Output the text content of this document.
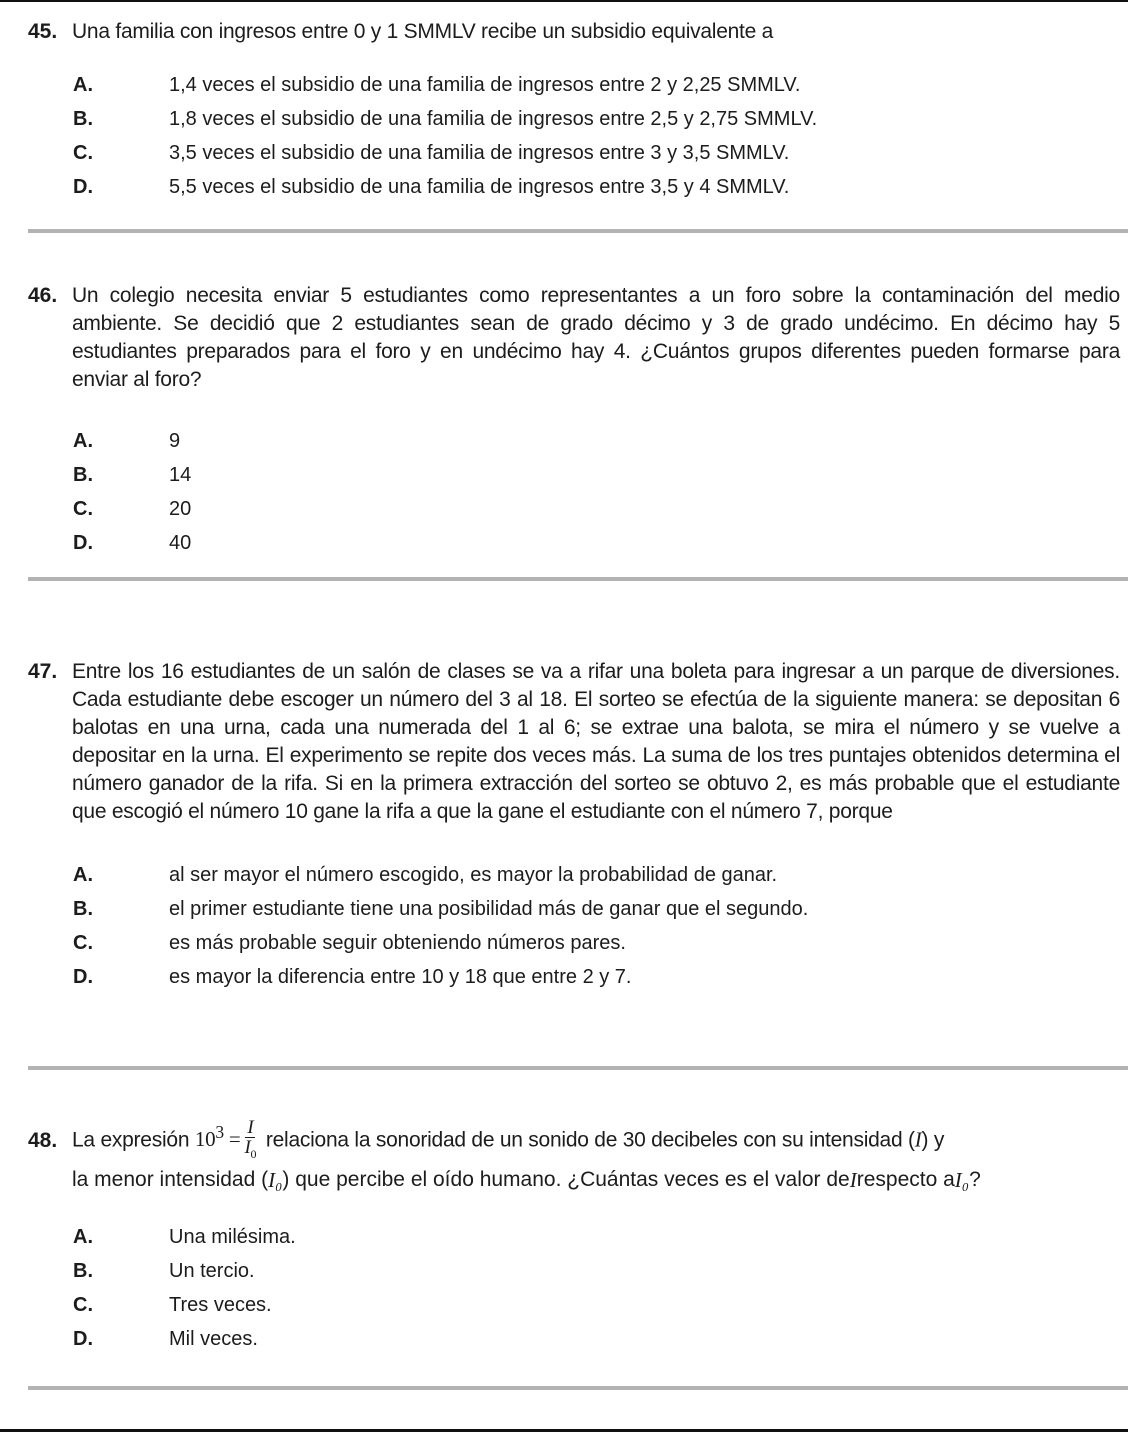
45. Una familia con ingresos entre 0 y 1 SMMLV recibe un subsidio equivalente a
A.	1,4 veces el subsidio de una familia de ingresos entre 2 y 2,25 SMMLV.
B.	1,8 veces el subsidio de una familia de ingresos entre 2,5 y 2,75 SMMLV.
C.	3,5 veces el subsidio de una familia de ingresos entre 3 y 3,5 SMMLV.
D.	5,5 veces el subsidio de una familia de ingresos entre 3,5 y 4 SMMLV.
46. Un colegio necesita enviar 5 estudiantes como representantes a un foro sobre la contaminación del medio ambiente. Se decidió que 2 estudiantes sean de grado décimo y 3 de grado undécimo. En décimo hay 5 estudiantes preparados para el foro y en undécimo hay 4. ¿Cuántos grupos diferentes pueden formarse para enviar al foro?
A.	9
B.	14
C.	20
D.	40
47. Entre los 16 estudiantes de un salón de clases se va a rifar una boleta para ingresar a un parque de diversiones. Cada estudiante debe escoger un número del 3 al 18. El sorteo se efectúa de la siguiente manera: se depositan 6 balotas en una urna, cada una numerada del 1 al 6; se extrae una balota, se mira el número y se vuelve a depositar en la urna. El experimento se repite dos veces más. La suma de los tres puntajes obtenidos determina el número ganador de la rifa. Si en la primera extracción del sorteo se obtuvo 2, es más probable que el estudiante que escogió el número 10 gane la rifa a que la gane el estudiante con el número 7, porque
A.	al ser mayor el número escogido, es mayor la probabilidad de ganar.
B.	el primer estudiante tiene una posibilidad más de ganar que el segundo.
C.	es más probable seguir obteniendo números pares.
D.	es mayor la diferencia entre 10 y 18 que entre 2 y 7.
48. La expresión $10^3 = \frac{I}{I_0}$ relaciona la sonoridad de un sonido de 30 decibeles con su intensidad (I) y
la menor intensidad ( I₀ ) que percibe el oído humano. ¿Cuántas veces es el valor de I respecto a I₀ ?
A.	Una milésima.
B.	Un tercio.
C.	Tres veces.
D.	Mil veces.
